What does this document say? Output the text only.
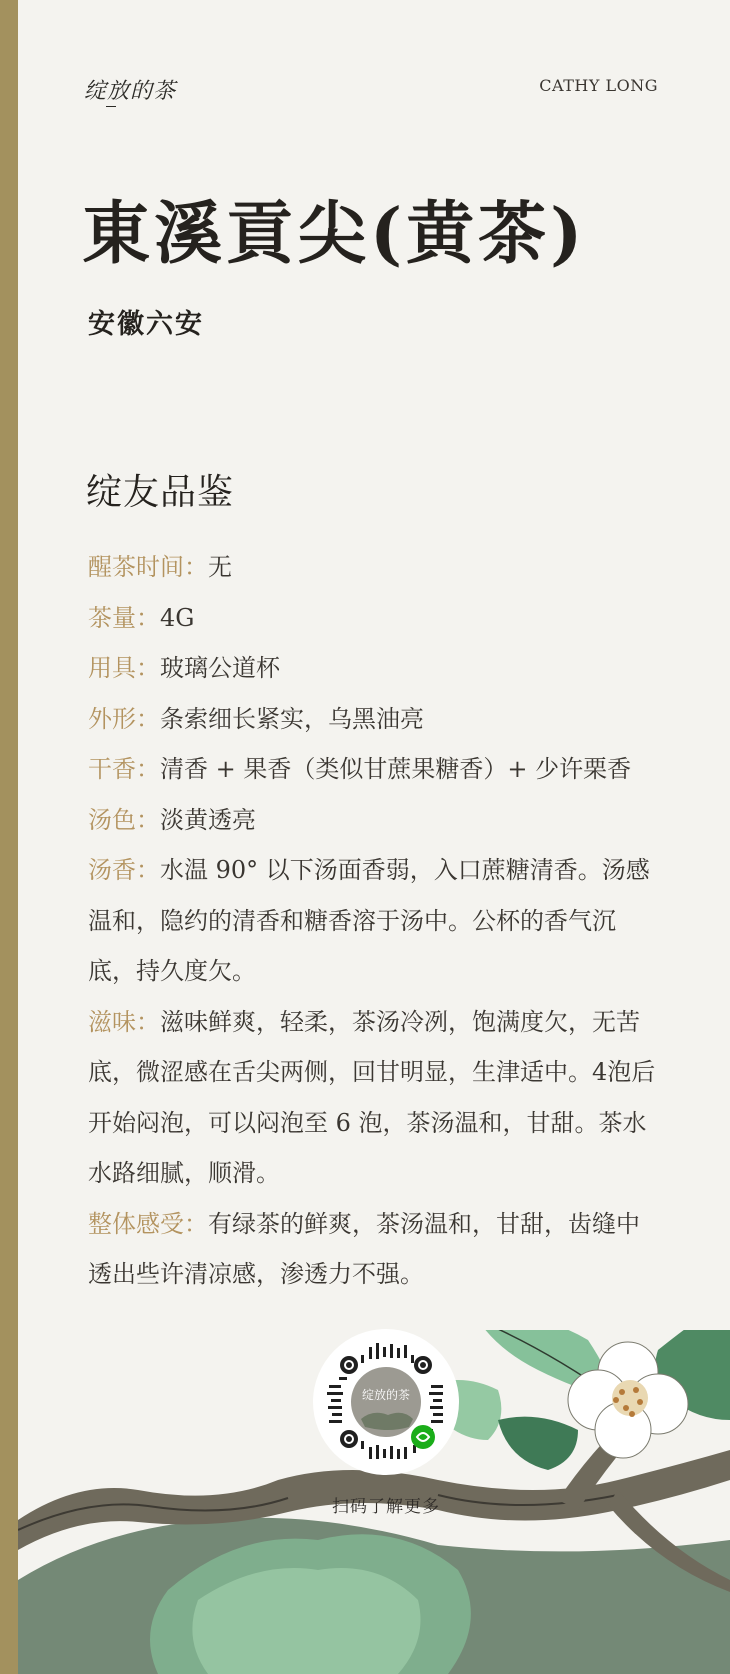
绽放的茶	CATHY LONG
東溪貢尖(黄茶)
安徽六安
绽友品鉴

醒茶时间：无

茶量：4G

用具：玻璃公道杯

外形：条索细长紧实，乌黑油亮

干香：清香 + 果香（类似甘蔗果糖香）+ 少许栗香

汤色：淡黄透亮

汤香：水温 90° 以下汤面香弱，入口蔗糖清香。汤感温和，隐约的清香和糖香溶于汤中。公杯的香气沉底，持久度欠。

滋味：滋味鲜爽，轻柔，茶汤冷冽，饱满度欠，无苦底，微涩感在舌尖两侧，回甘明显，生津适中。4泡后开始闷泡，可以闷泡至 6 泡，茶汤温和，甘甜。茶水水路细腻，顺滑。

整体感受：有绿茶的鲜爽，茶汤温和，甘甜，齿缝中透出些许清凉感，渗透力不强。

绽放的茶
扫码了解更多
